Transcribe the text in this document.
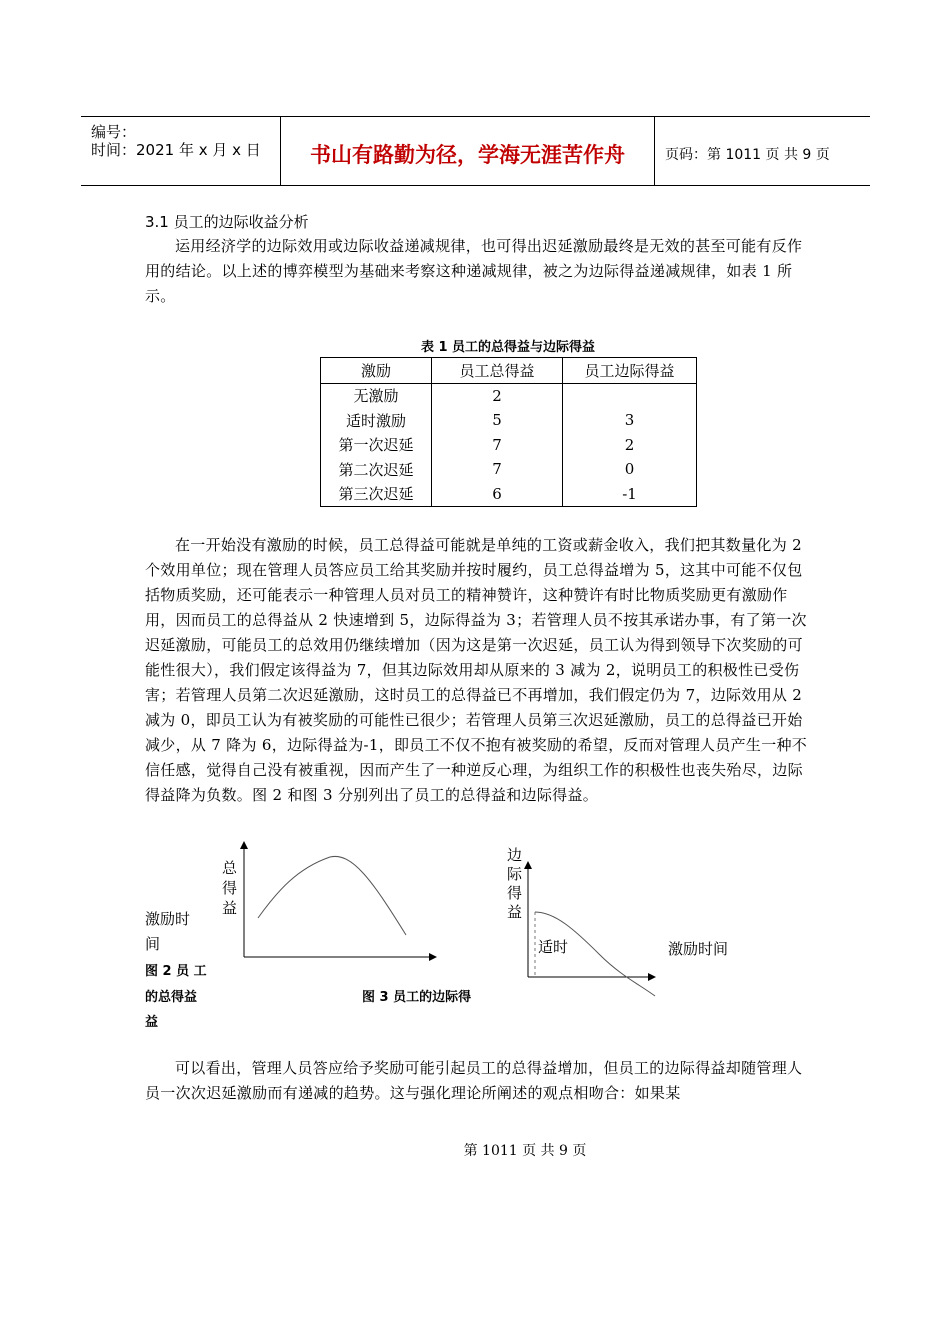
编号：
时间：2021 年 x 月 x 日	书山有路勤为径，学海无涯苦作舟	页码：第 1011 页 共 9 页
3.1 员工的边际收益分析

运用经济学的边际效用或边际收益递减规律，也可得出迟延激励最终是无效的甚至可能有反作用的结论。以上述的博弈模型为基础来考察这种递减规律，被之为边际得益递减规律，如表 1 所示。

表 1 员工的总得益与边际得益
激励	员工总得益	员工边际得益
无激励	2	
适时激励	5	3
第一次迟延	7	2
第二次迟延	7	0
第三次迟延	6	-1

在一开始没有激励的时候，员工总得益可能就是单纯的工资或薪金收入，我们把其数量化为 2 个效用单位；现在管理人员答应员工给其奖励并按时履约，员工总得益增为 5，这其中可能不仅包括物质奖励，还可能表示一种管理人员对员工的精神赞许，这种赞许有时比物质奖励更有激励作用，因而员工的总得益从 2 快速增到 5，边际得益为 3；若管理人员不按其承诺办事，有了第一次迟延激励，可能员工的总效用仍继续增加（因为这是第一次迟延，员工认为得到领导下次奖励的可能性很大），我们假定该得益为 7，但其边际效用却从原来的 3 减为 2，说明员工的积极性已受伤害；若管理人员第二次迟延激励，这时员工的总得益已不再增加，我们假定仍为 7，边际效用从 2 减为 0，即员工认为有被奖励的可能性已很少；若管理人员第三次迟延激励，员工的总得益已开始减少，从 7 降为 6，边际得益为-1，即员工不仅不抱有被奖励的希望，反而对管理人员产生一种不信任感，觉得自己没有被重视，因而产生了一种逆反心理，为组织工作的积极性也丧失殆尽，边际得益降为负数。图 2 和图 3 分别列出了员工的总得益和边际得益。

总
得
益
激励时
间
图 2 员 工
的总得益
益
边
际
得
益
适时	激励时间
图 3 员工的边际得

可以看出，管理人员答应给予奖励可能引起员工的总得益增加，但员工的边际得益却随管理人员一次次迟延激励而有递减的趋势。这与强化理论所阐述的观点相吻合：如果某

第 1011 页 共 9 页
